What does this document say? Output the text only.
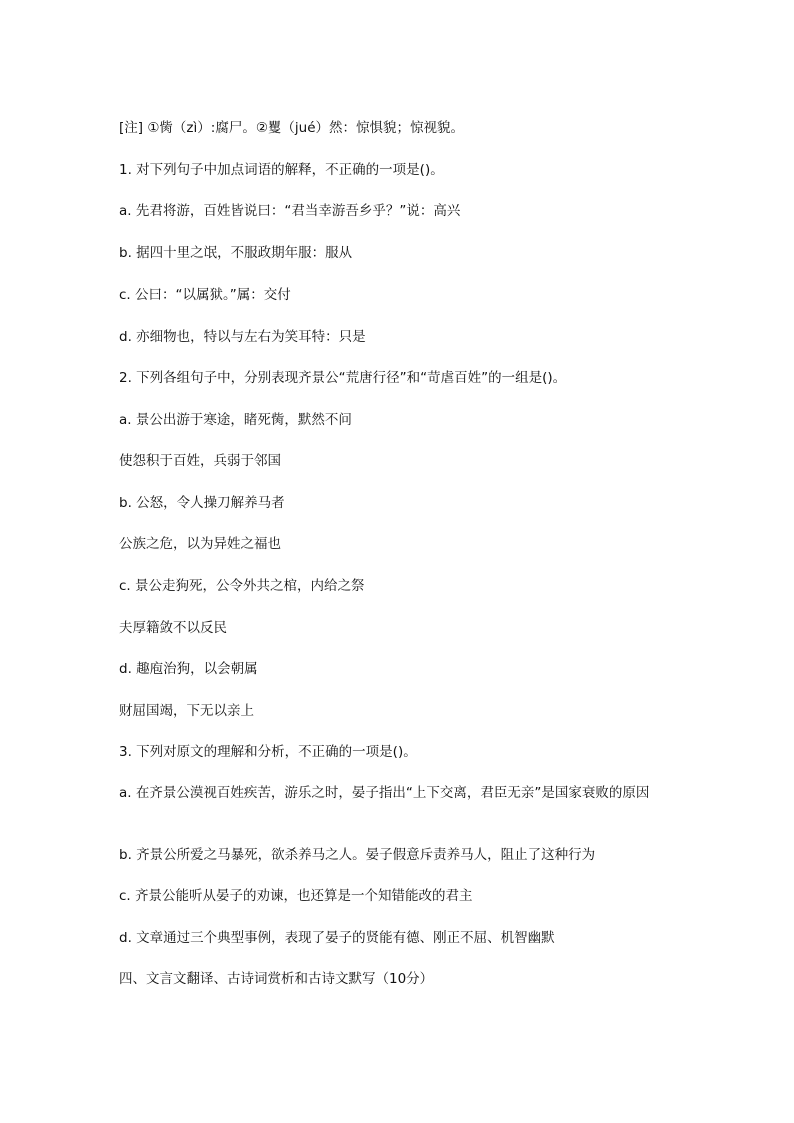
[注] ①胔（zì）:腐尸。②矍（jué）然：惊惧貌；惊视貌。
1. 对下列句子中加点词语的解释，不正确的一项是()。
a. 先君将游，百姓皆说曰：“君当幸游吾乡乎？”说：高兴
b. 据四十里之氓，不服政期年服：服从
c. 公曰：“以属狱。”属：交付
d. 亦细物也，特以与左右为笑耳特：只是
2. 下列各组句子中，分别表现齐景公“荒唐行径”和“苛虐百姓”的一组是()。
a. 景公出游于寒途，睹死胔，默然不问
使怨积于百姓，兵弱于邻国
b. 公怒，令人操刀解养马者
公族之危，以为异姓之福也
c. 景公走狗死，公令外共之棺，内给之祭
夫厚籍敛不以反民
d. 趣庖治狗，以会朝属
财屈国竭，下无以亲上
3. 下列对原文的理解和分析，不正确的一项是()。
a. 在齐景公漠视百姓疾苦，游乐之时，晏子指出“上下交离，君臣无亲”是国家衰败的原因
b. 齐景公所爱之马暴死，欲杀养马之人。晏子假意斥责养马人，阻止了这种行为
c. 齐景公能听从晏子的劝谏，也还算是一个知错能改的君主
d. 文章通过三个典型事例，表现了晏子的贤能有德、刚正不屈、机智幽默
四、文言文翻译、古诗词赏析和古诗文默写（10分）
